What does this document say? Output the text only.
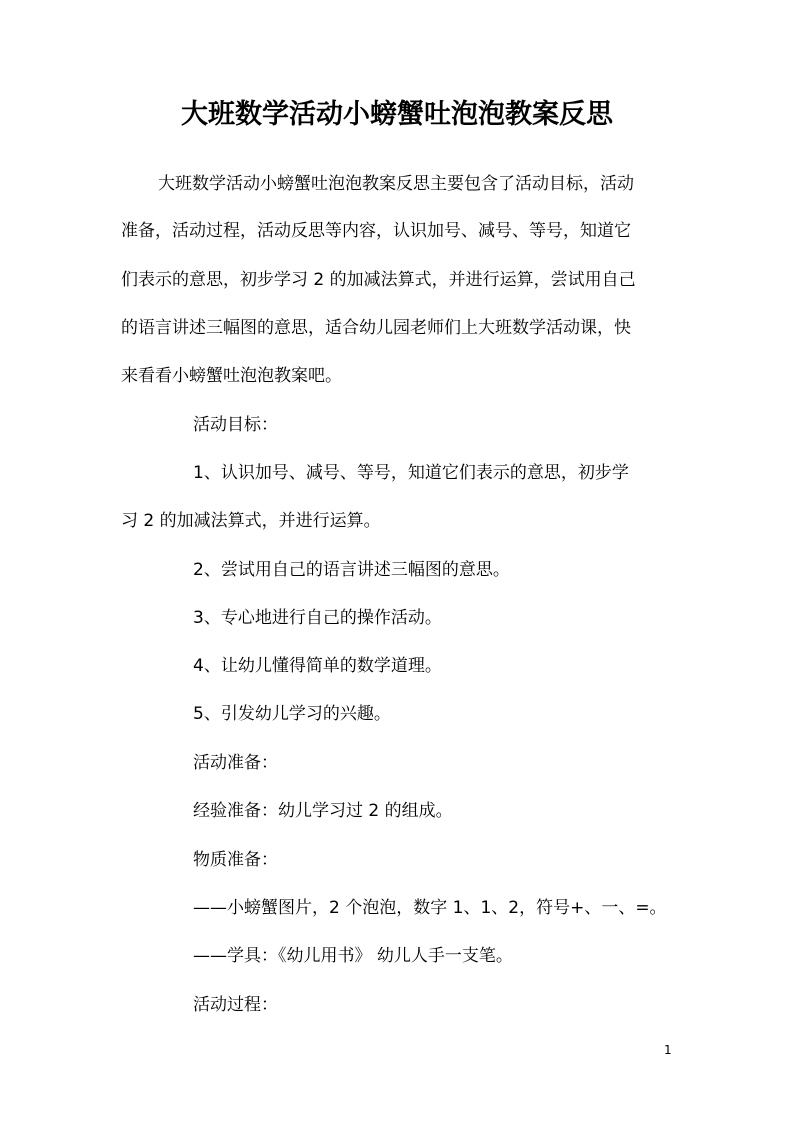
大班数学活动小螃蟹吐泡泡教案反思
大班数学活动小螃蟹吐泡泡教案反思主要包含了活动目标，活动
准备，活动过程，活动反思等内容，认识加号、减号、等号，知道它
们表示的意思，初步学习 2 的加减法算式，并进行运算，尝试用自己
的语言讲述三幅图的意思，适合幼儿园老师们上大班数学活动课，快
来看看小螃蟹吐泡泡教案吧。
活动目标：
1、认识加号、减号、等号，知道它们表示的意思，初步学
习 2 的加减法算式，并进行运算。
2、尝试用自己的语言讲述三幅图的意思。
3、专心地进行自己的操作活动。
4、让幼儿懂得简单的数学道理。
5、引发幼儿学习的兴趣。
活动准备：
经验准备：幼儿学习过 2 的组成。
物质准备：
——小螃蟹图片，2 个泡泡，数字 1、1、2，符号+、一、=。
——学具：《幼儿用书》 幼儿人手一支笔。
活动过程：
1
